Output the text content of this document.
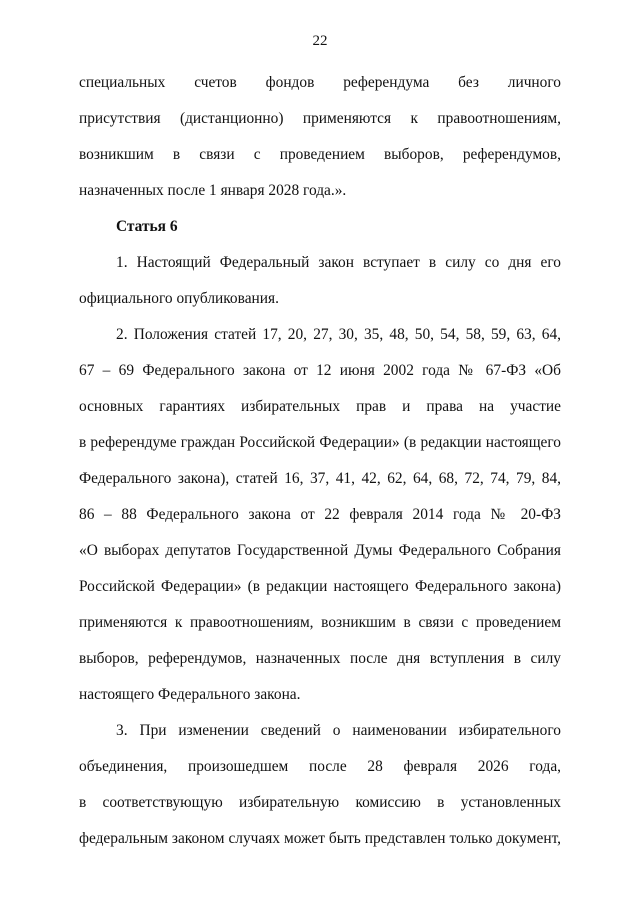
22
специальных счетов фондов референдума без личного
присутствия (дистанционно) применяются к правоотношениям,
возникшим в связи с проведением выборов, референдумов,
назначенных после 1 января 2028 года.».
Статья 6
1. Настоящий Федеральный закон вступает в силу со дня его
официального опубликования.
2. Положения статей 17, 20, 27, 30, 35, 48, 50, 54, 58, 59, 63, 64,
67 – 69 Федерального закона от 12 июня 2002 года № 67-ФЗ «Об
основных гарантиях избирательных прав и права на участие
в референдуме граждан Российской Федерации» (в редакции настоящего
Федерального закона), статей 16, 37, 41, 42, 62, 64, 68, 72, 74, 79, 84,
86 – 88 Федерального закона от 22 февраля 2014 года № 20-ФЗ
«О выборах депутатов Государственной Думы Федерального Собрания
Российской Федерации» (в редакции настоящего Федерального закона)
применяются к правоотношениям, возникшим в связи с проведением
выборов, референдумов, назначенных после дня вступления в силу
настоящего Федерального закона.
3. При изменении сведений о наименовании избирательного
объединения, произошедшем после 28 февраля 2026 года,
в соответствующую избирательную комиссию в установленных
федеральным законом случаях может быть представлен только документ,
